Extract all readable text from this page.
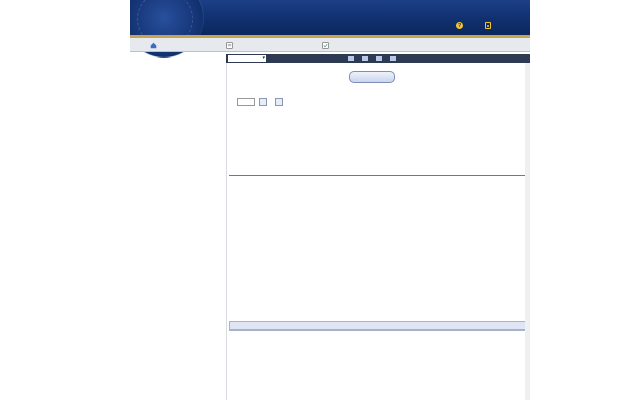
?
▾
